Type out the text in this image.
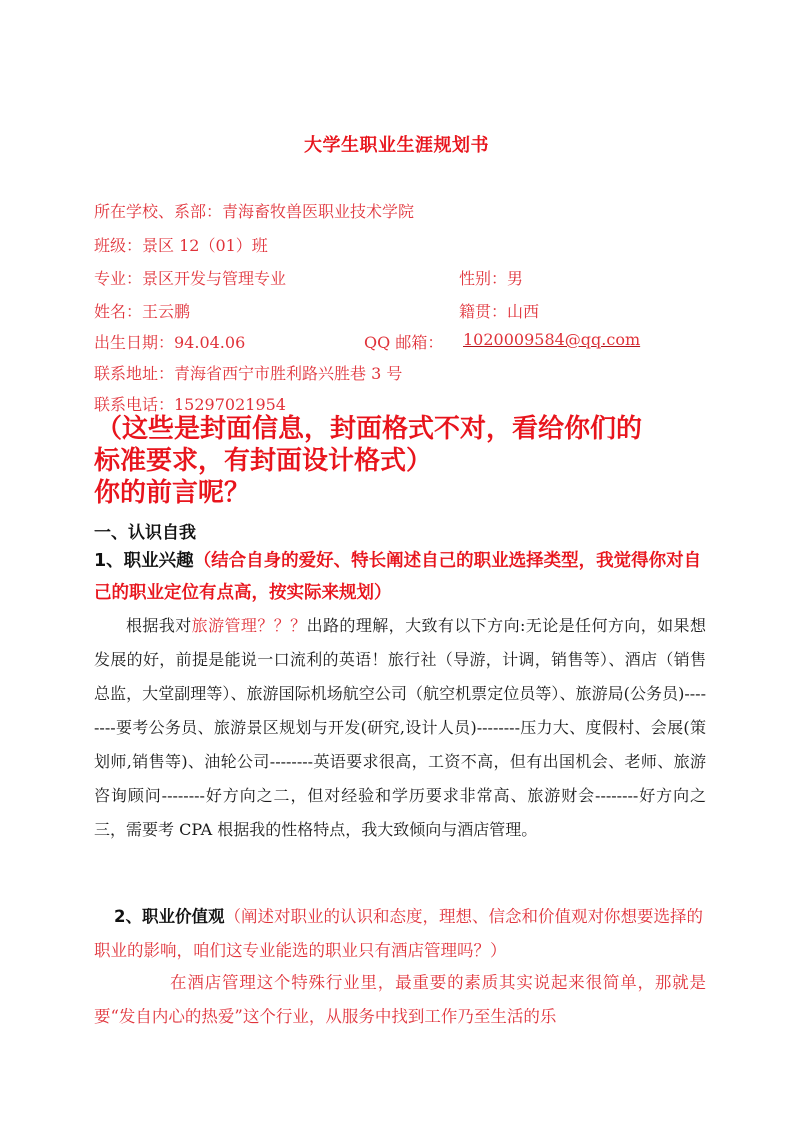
大学生职业生涯规划书
所在学校、系部：青海畜牧兽医职业技术学院
班级：景区 12（01）班
专业：景区开发与管理专业	性别：男
姓名：王云鹏	籍贯：山西
出生日期：94.04.06	QQ 邮箱： 1020009584@qq.com
联系地址：青海省西宁市胜利路兴胜巷 3 号
联系电话：15297021954
（这些是封面信息，封面格式不对，看给你们的
标准要求，有封面设计格式）
你的前言呢？
一、认识自我
1、职业兴趣（结合自身的爱好、特长阐述自己的职业选择类型，我觉得你对自己的职业定位有点高，按实际来规划）
根据我对旅游管理？？？出路的理解，大致有以下方向:无论是任何方向，如果想发展的好，前提是能说一口流利的英语！旅行社（导游，计调，销售等）、酒店（销售总监，大堂副理等）、旅游国际机场航空公司（航空机票定位员等）、旅游局(公务员)--------要考公务员、旅游景区规划与开发(研究,设计人员)--------压力大、度假村、会展(策划师,销售等)、油轮公司--------英语要求很高，工资不高，但有出国机会、老师、旅游咨询顾问--------好方向之二，但对经验和学历要求非常高、旅游财会--------好方向之三，需要考 CPA 根据我的性格特点，我大致倾向与酒店管理。
2、职业价值观（阐述对职业的认识和态度，理想、信念和价值观对你想要选择的职业的影响，咱们这专业能选的职业只有酒店管理吗？）
在酒店管理这个特殊行业里，最重要的素质其实说起来很简单，那就是要“发自内心的热爱”这个行业，从服务中找到工作乃至生活的乐
